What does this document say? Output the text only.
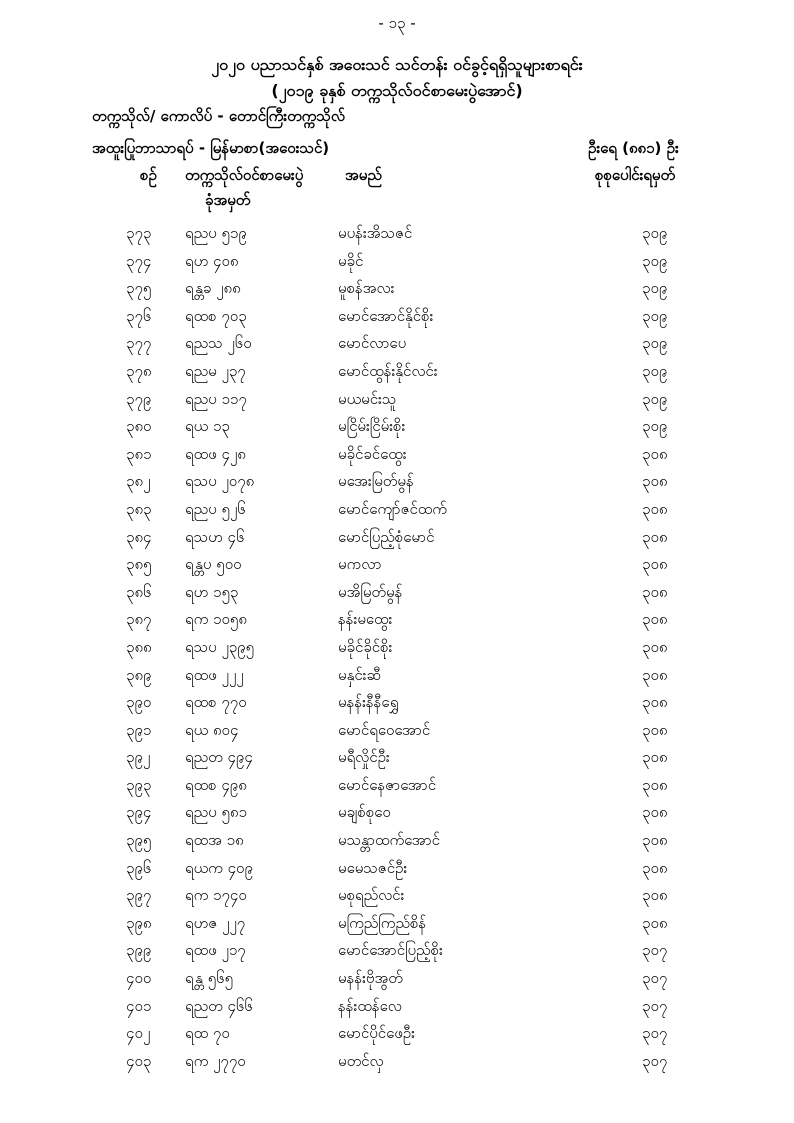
- ၁၃ -
၂၀၂၀ ပညာသင်နှစ် အဝေးသင် သင်တန်း ဝင်ခွင့်ရရှိသူများစာရင်း
(၂၀၁၉ ခုနှစ် တက္ကသိုလ်ဝင်စာမေးပွဲအောင်)
တက္ကသိုလ်/ ကောလိပ် - တောင်ကြီးတက္ကသိုလ်
အထူးပြုဘာသာရပ် - မြန်မာစာ(အဝေးသင်)	ဦးရေ (၈၈၁) ဦး
စဉ် တက္ကသိုလ်ဝင်စာမေးပွဲ	အမည်	စုစုပေါင်းရမှတ်
ခုံအမှတ်
၃၇၃ ရညပ ၅၁၉	မပန်းအိသဇင်	၃၀၉
၃၇၄ ရဟ ၄၀၈	မခိုင်	၃၀၉
၃၇၅ ရန္တခ ၂၈၈	မူစန်အလး	၃၀၉
၃၇၆ ရထစ ၇၀၃	မောင်အောင်နိုင်စိုး	၃၀၉
၃၇၇ ရညသ ၂၆၀	မောင်လာပေ	၃၀၉
၃၇၈ ရညမ ၂၃၇	မောင်ထွန်းနိုင်လင်း	၃၀၉
၃၇၉ ရညပ ၁၁၇	မယမင်းသူ	၃၀၉
၃၈၀ ရယ ၁၃	မငြိမ်းငြိမ်းစိုး	၃၀၉
၃၈၁ ရထဖ ၄၂၈	မခိုင်ခင်ထွေး	၃၀၈
၃၈၂ ရသပ ၂၀၇၈	မအေးမြတ်မွန်	၃၀၈
၃၈၃ ရညပ ၅၂၆	မောင်ကျော်ဇင်ထက်	၃၀၈
၃၈၄ ရသဟ ၄၆	မောင်ပြည့်စုံမောင်	၃၀၈
၃၈၅ ရန္တပ ၅၀၀	မဂာလာ	၃၀၈
၃၈၆ ရဟ ၁၅၃	မအိမြတ်မွန်	၃၀၈
၃၈၇ ရက ၁၀၅၈	နန်းမထွေး	၃၀၈
၃၈၈ ရသပ ၂၃၉၅	မခိုင်ခိုင်စိုး	၃၀၈
၃၈၉ ရထဖ ၂၂၂	မနှင်းဆီ	၃၀၈
၃၉၀ ရထစ ၇၇၀	မနန်းနီနီရွှေ	၃၀၈
၃၉၁ ရယ ၈၀၄	မောင်ရဝေအောင်	၃၀၈
၃၉၂ ရညတ ၄၉၄	မရီလှိုင်ဦး	၃၀၈
၃၉၃ ရထစ ၄၉၈	မောင်နေဇာအောင်	၃၀၈
၃၉၄ ရညပ ၅၈၁	မချစ်စုဝေ	၃၀၈
၃၉၅ ရထအ ၁၈	မသန္တာထက်အောင်	၃၀၈
၃၉၆ ရယက ၄၀၉	မမေသဇင်ဦး	၃၀၈
၃၉၇ ရက ၁၇၄၀	မစုရည်လင်း	၃၀၈
၃၉၈ ရဟဇ ၂၂၇	မကြည်ကြည်စိန်	၃၀၈
၃၉၉ ရထဖ ၂၁၇	မောင်အောင်ပြည့်စိုး	၃၀၇
၄၀၀ ရန္တ ၅၆၅	မနန်းဗိုအွတ်	၃၀၇
၄၀၁ ရညတ ၄၆၆	နန်းထန်လေ	၃၀၇
၄၀၂ ရထ ၇၀	မောင်ပိုင်ဖေဦး	၃၀၇
၄၀၃ ရက ၂၇၇၀	မတင်လှ	၃၀၇
